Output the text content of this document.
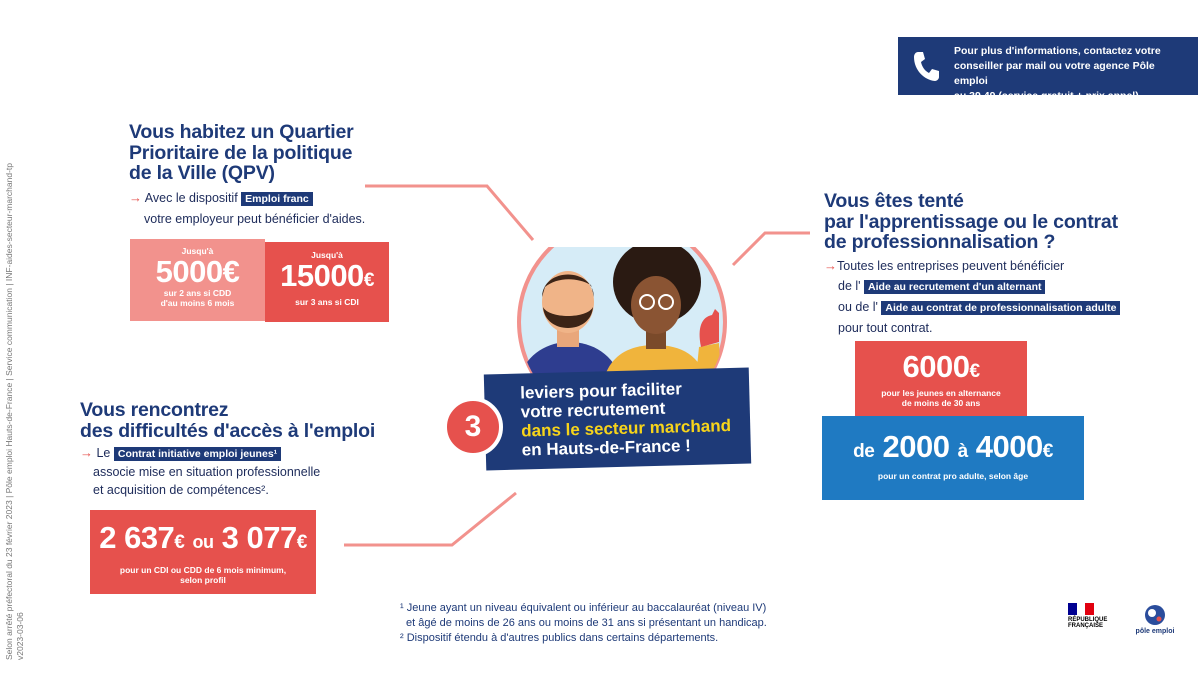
Selon arrêté préfectoral du 23 février 2023 | Pôle emploi Hauts-de-France | Service communication | INF-aides-secteur-marchand-tp v2023-03-06
Pour plus d'informations, contactez votre
conseiller par mail ou votre agence Pôle emploi
au 39 49 (service gratuit + prix appel)
Vous habitez un Quartier
Prioritaire de la politique
de la Ville (QPV)
→ Avec le dispositif Emploi franc
votre employeur peut bénéficier d'aides.
Jusqu'à
5000€
sur 2 ans si CDD
d'au moins 6 mois
Jusqu'à
15000€
sur 3 ans si CDI
Vous êtes tenté
par l'apprentissage ou le contrat
de professionnalisation ?
→Toutes les entreprises peuvent bénéficier
de l' Aide au recrutement d'un alternant
ou de l' Aide au contrat de professionnalisation adulte
pour tout contrat.
6000€
pour les jeunes en alternance
de moins de 30 ans
de 2000 à 4000€
pour un contrat pro adulte, selon âge
Vous rencontrez
des difficultés d'accès à l'emploi
→ Le Contrat initiative emploi jeunes¹
associe mise en situation professionnelle
et acquisition de compétences².
2 637€ ou 3 077€
pour un CDI ou CDD de 6 mois minimum,
selon profil
leviers pour faciliter
votre recrutement
dans le secteur marchand
en Hauts-de-France !
3
¹ Jeune ayant un niveau équivalent ou inférieur au baccalauréat (niveau IV)
et âgé de moins de 26 ans ou moins de 31 ans si présentant un handicap.
² Dispositif étendu à d'autres publics dans certains départements.
RÉPUBLIQUE
FRANÇAISE
pôle emploi
